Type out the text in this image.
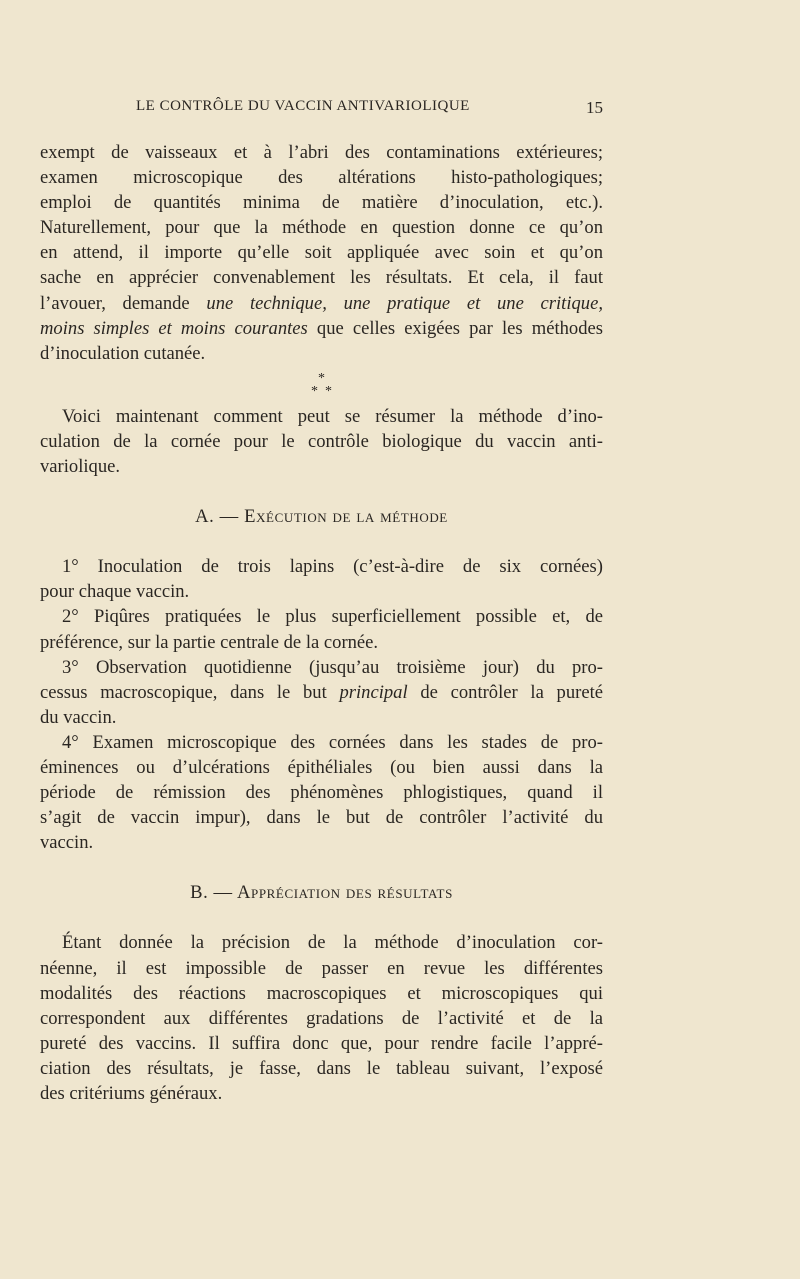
LE CONTRÔLE DU VACCIN ANTIVARIOLIQUE	15
exempt de vaisseaux et à l’abri des contaminations extérieures;
examen microscopique des altérations histo-pathologiques;
emploi de quantités minima de matière d’inoculation, etc.).
Naturellement, pour que la méthode en question donne ce qu’on
en attend, il importe qu’elle soit appliquée avec soin et qu’on
sache en apprécier convenablement les résultats. Et cela, il faut
l’avouer, demande une technique, une pratique et une critique,
moins simples et moins courantes que celles exigées par les méthodes
d’inoculation cutanée.
*
*  *
Voici maintenant comment peut se résumer la méthode d’ino-
culation de la cornée pour le contrôle biologique du vaccin anti-
variolique.
A. — Exécution de la méthode
1° Inoculation de trois lapins (c’est-à-dire de six cornées)
pour chaque vaccin.
2° Piqûres pratiquées le plus superficiellement possible et, de
préférence, sur la partie centrale de la cornée.
3° Observation quotidienne (jusqu’au troisième jour) du pro-
cessus macroscopique, dans le but principal de contrôler la pureté
du vaccin.
4° Examen microscopique des cornées dans les stades de pro-
éminences ou d’ulcérations épithéliales (ou bien aussi dans la
période de rémission des phénomènes phlogistiques, quand il
s’agit de vaccin impur), dans le but de contrôler l’activité du
vaccin.
B. — Appréciation des résultats
Étant donnée la précision de la méthode d’inoculation cor-
néenne, il est impossible de passer en revue les différentes
modalités des réactions macroscopiques et microscopiques qui
correspondent aux différentes gradations de l’activité et de la
pureté des vaccins. Il suffira donc que, pour rendre facile l’appré-
ciation des résultats, je fasse, dans le tableau suivant, l’exposé
des critériums généraux.
